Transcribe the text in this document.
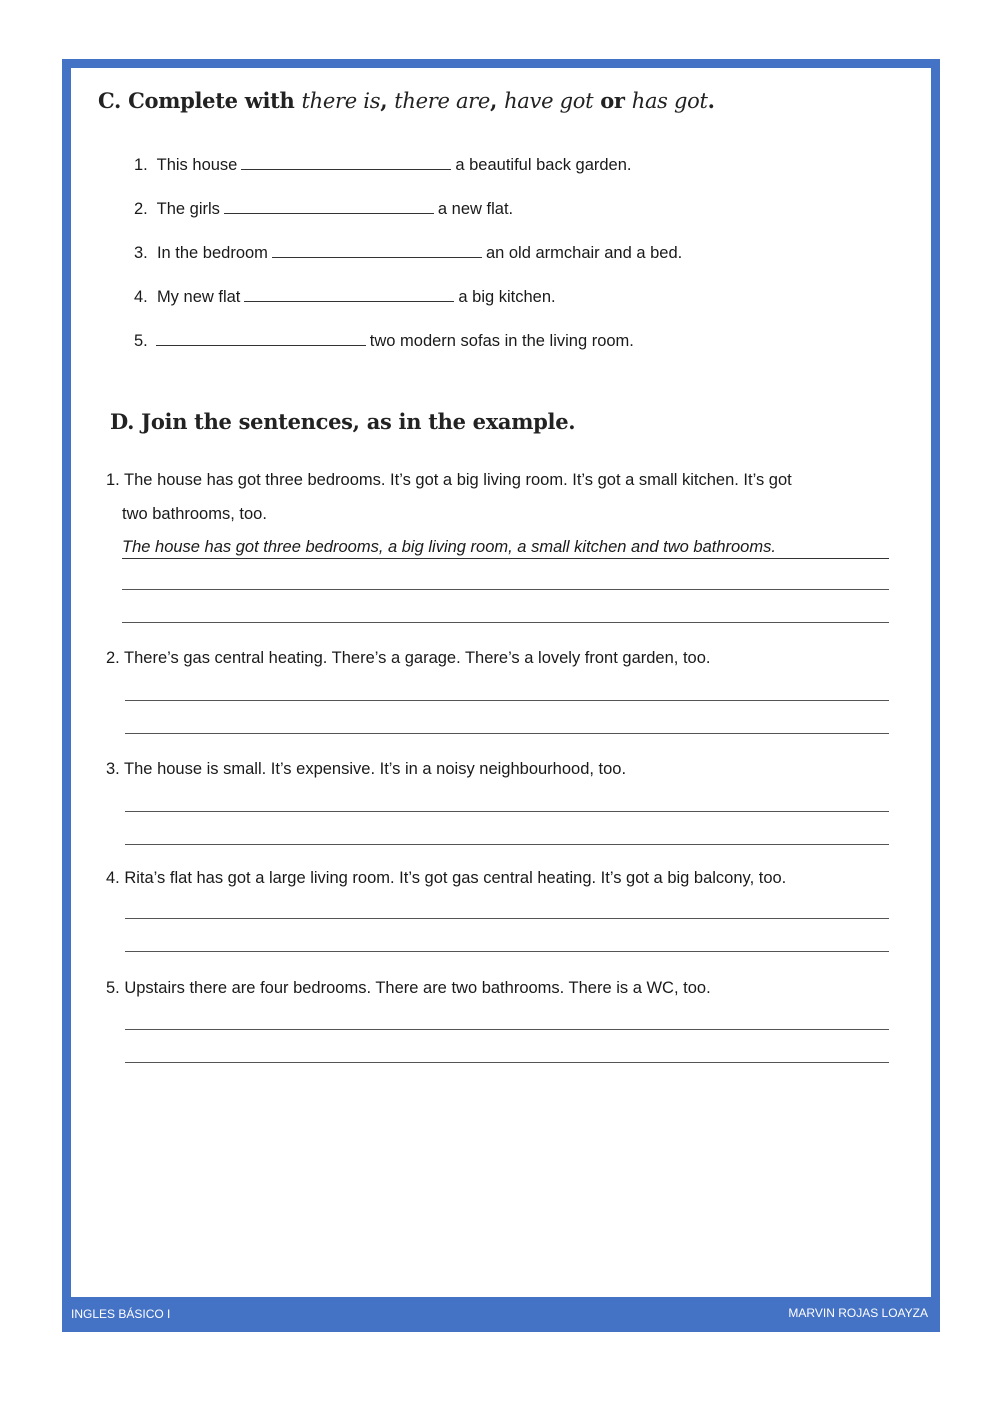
C. Complete with there is, there are, have got or has got.
1. This house	a beautiful back garden.
2. The girls	a new flat.
3. In the bedroom	an old armchair and a bed.
4. My new flat	a big kitchen.
5.	two modern sofas in the living room.
D. Join the sentences, as in the example.
1. The house has got three bedrooms. It’s got a big living room. It’s got a small kitchen. It’s got
two bathrooms, too.
The house has got three bedrooms, a big living room, a small kitchen and two bathrooms.
2. There’s gas central heating. There’s a garage. There’s a lovely front garden, too.
3. The house is small. It’s expensive. It’s in a noisy neighbourhood, too.
4. Rita’s flat has got a large living room. It’s got gas central heating. It’s got a big balcony, too.
5. Upstairs there are four bedrooms. There are two bathrooms. There is a WC, too.
INGLES BÁSICO I	MARVIN ROJAS LOAYZA
